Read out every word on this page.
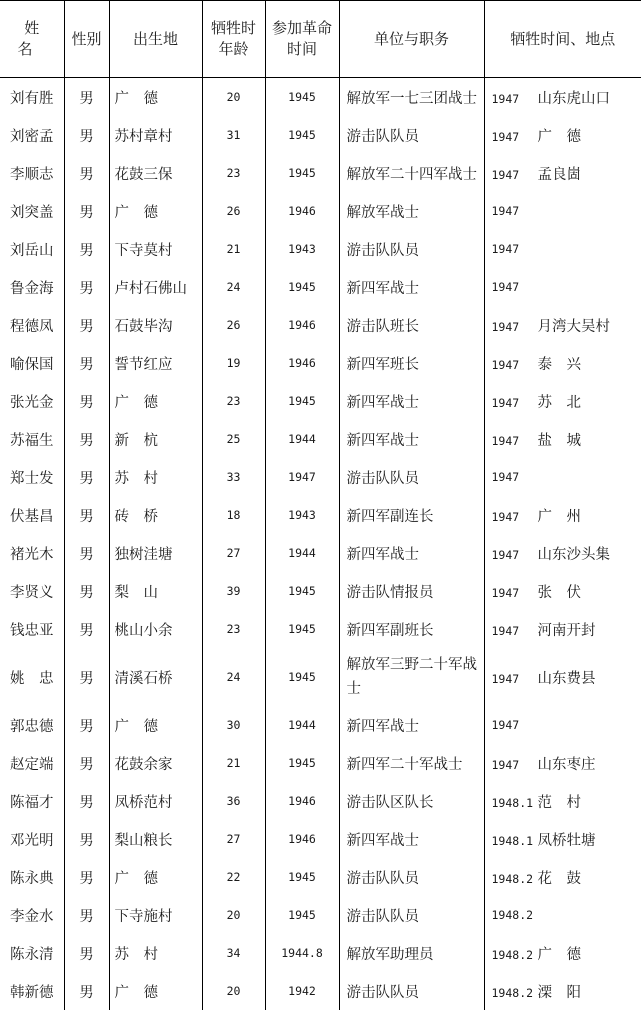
姓名	性别	出生地	牺牲时年龄	参加革命时间	单位与职务	牺牲时间、地点
刘有胜	男	广德	20	1945	解放军一七三团战士	1947 山东虎山口
刘密孟	男	苏村章村	31	1945	游击队队员	1947 广德
李顺志	男	花鼓三保	23	1945	解放军二十四军战士	1947 孟良崮
刘突盖	男	广德	26	1946	解放军战士	1947
刘岳山	男	下寺莫村	21	1943	游击队队员	1947
鲁金海	男	卢村石佛山	24	1945	新四军战士	1947
程德凤	男	石鼓毕沟	26	1946	游击队班长	1947 月湾大吴村
喻保国	男	誓节红应	19	1946	新四军班长	1947 泰兴
张光金	男	广德	23	1945	新四军战士	1947 苏北
苏福生	男	新杭	25	1944	新四军战士	1947 盐城
郑士发	男	苏村	33	1947	游击队队员	1947
伏基昌	男	砖桥	18	1943	新四军副连长	1947 广州
褚光木	男	独树洼塘	27	1944	新四军战士	1947 山东沙头集
李贤义	男	梨山	39	1945	游击队情报员	1947 张伏
钱忠亚	男	桃山小余	23	1945	新四军副班长	1947 河南开封
姚忠	男	清溪石桥	24	1945	解放军三野二十军战士	1947 山东费县
郭忠德	男	广德	30	1944	新四军战士	1947
赵定端	男	花鼓余家	21	1945	新四军二十军战士	1947 山东枣庄
陈福才	男	凤桥范村	36	1946	游击队区队长	1948.1 范村
邓光明	男	梨山粮长	27	1946	新四军战士	1948.1 凤桥牡塘
陈永典	男	广德	22	1945	游击队队员	1948.2 花鼓
李金水	男	下寺施村	20	1945	游击队队员	1948.2
陈永清	男	苏村	34	1944.8	解放军助理员	1948.2 广德
韩新德	男	广德	20	1942	游击队队员	1948.2 溧阳
